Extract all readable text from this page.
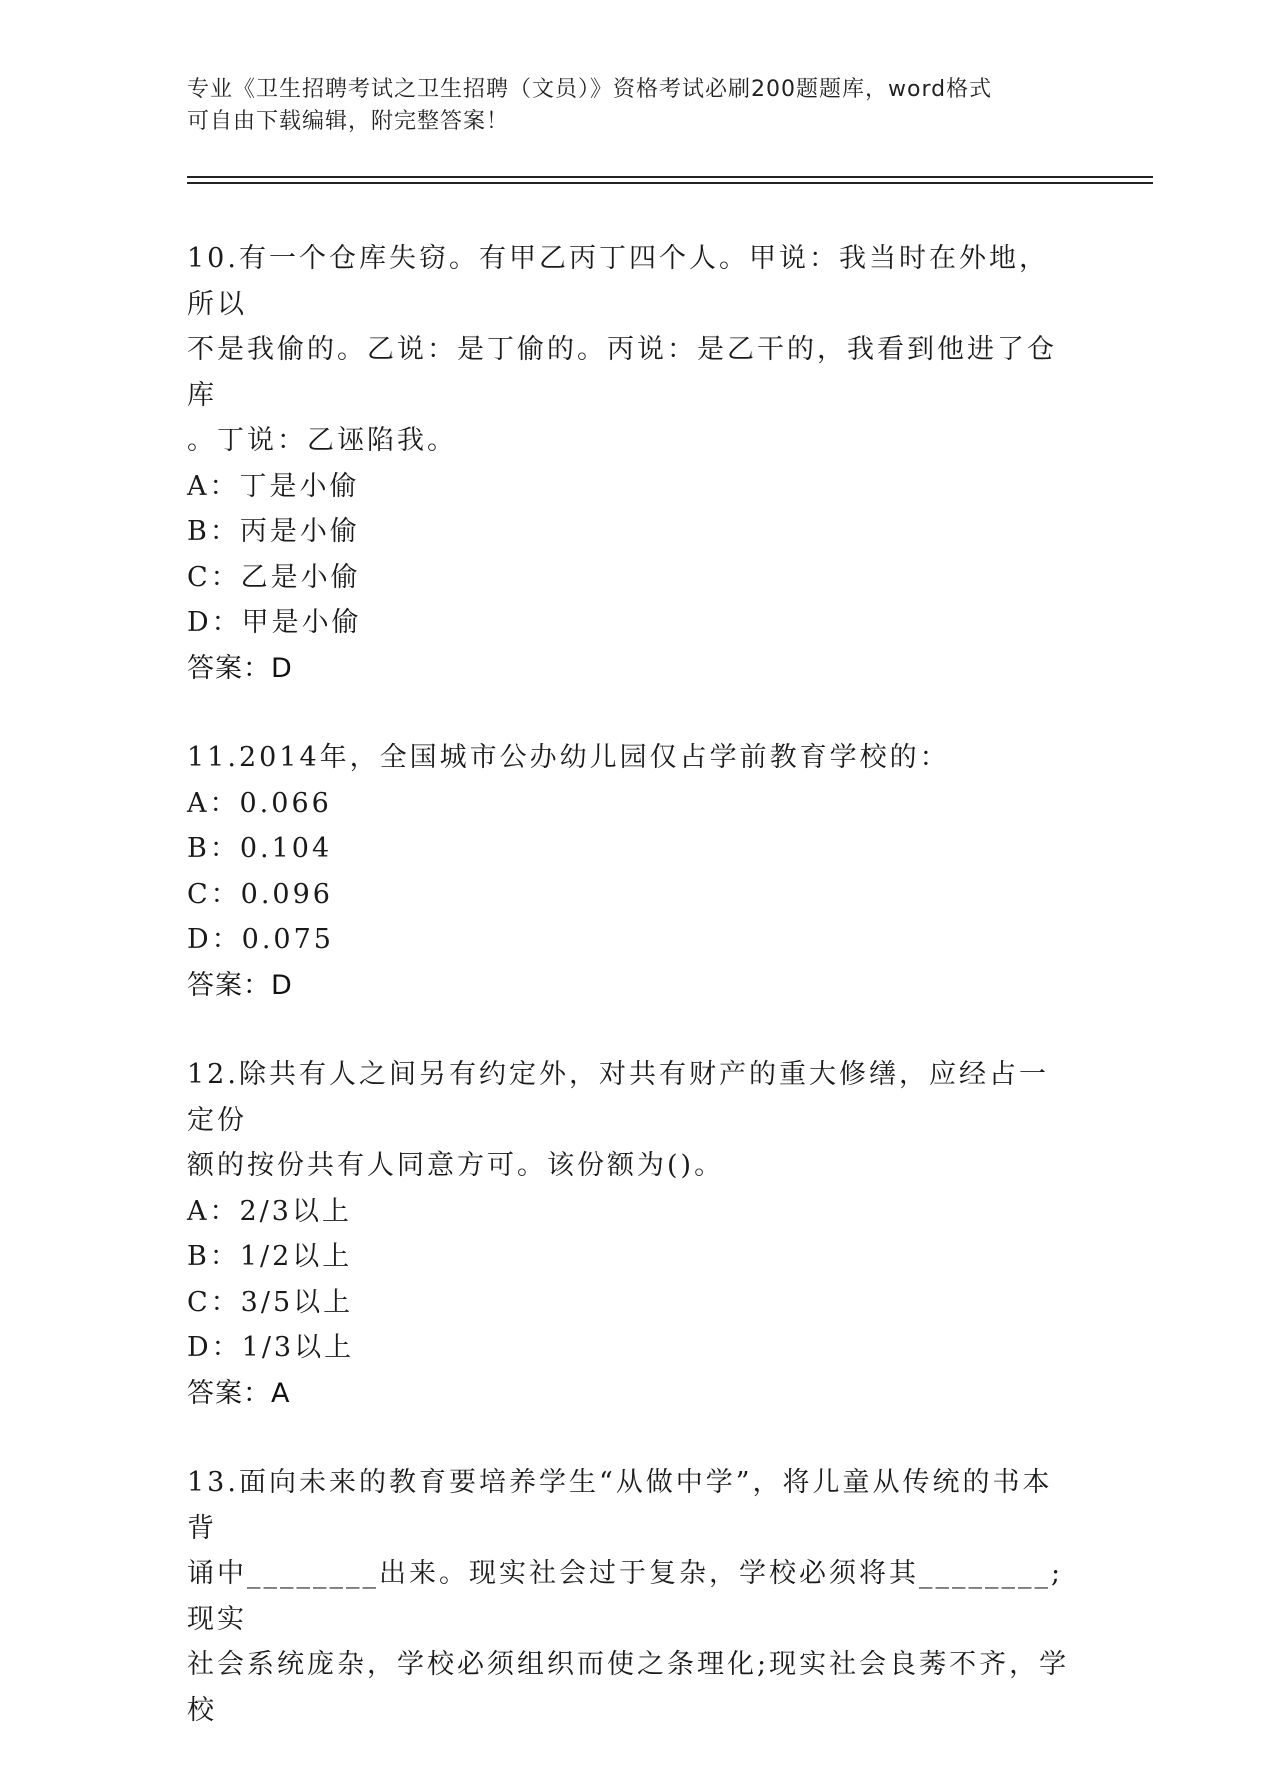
专业《卫生招聘考试之卫生招聘（文员）》资格考试必刷200题题库，word格式
可自由下载编辑，附完整答案！

10.有一个仓库失窃。有甲乙丙丁四个人。甲说：我当时在外地，所以

不是我偷的。乙说：是丁偷的。丙说：是乙干的，我看到他进了仓库

。丁说：乙诬陷我。

A：丁是小偷
B：丙是小偷
C：乙是小偷
D：甲是小偷

答案：D

11.2014年，全国城市公办幼儿园仅占学前教育学校的：

A：0.066
B：0.104
C：0.096
D：0.075

答案：D

12.除共有人之间另有约定外，对共有财产的重大修缮，应经占一定份

额的按份共有人同意方可。该份额为()。

A：2/3以上
B：1/2以上
C：3/5以上
D：1/3以上

答案：A

13.面向未来的教育要培养学生“从做中学”，将儿童从传统的书本背

诵中________出来。现实社会过于复杂，学校必须将其________;现实

社会系统庞杂，学校必须组织而使之条理化;现实社会良莠不齐，学校
